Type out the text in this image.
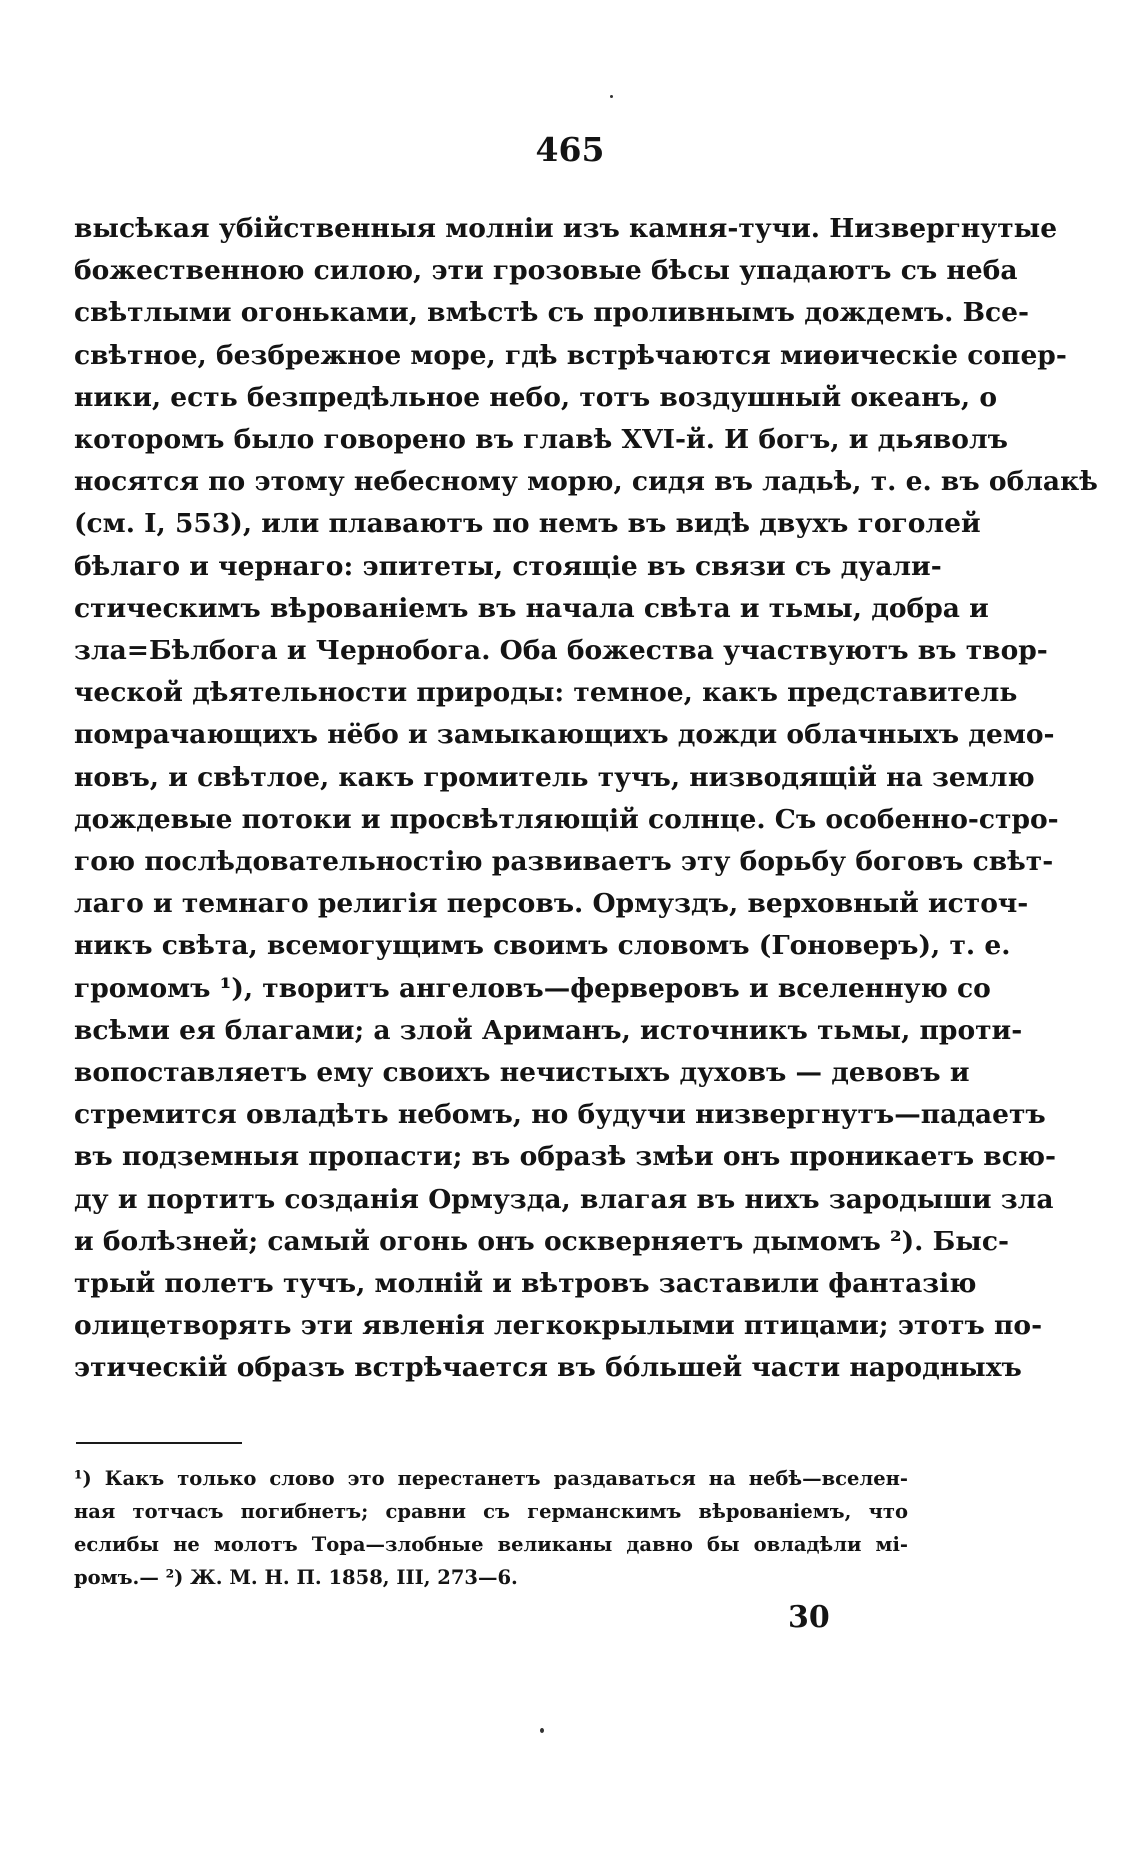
465
высѣкая убійственныя молніи изъ камня-тучи. Низвергнутые
божественною силою, эти грозовые бѣсы упадаютъ съ неба
свѣтлыми огоньками, вмѣстѣ съ проливнымъ дождемъ. Все-
свѣтное, безбрежное море, гдѣ встрѣчаются миѳическіе сопер-
ники, есть безпредѣльное небо, тотъ воздушный океанъ, о
которомъ было говорено въ главѣ XVI-й. И богъ, и дьяволъ
носятся по этому небесному морю, сидя въ ладьѣ, т. е. въ облакѣ
(см. I, 553), или плаваютъ по немъ въ видѣ двухъ гоголей
бѣлаго и чернаго: эпитеты, стоящіе въ связи съ дуали-
стическимъ вѣрованіемъ въ начала свѣта и тьмы, добра и
зла=Бѣлбога и Чернобога. Оба божества участвуютъ въ твор-
ческой дѣятельности природы: темное, какъ представитель
помрачающихъ нёбо и замыкающихъ дожди облачныхъ демо-
новъ, и свѣтлое, какъ громитель тучъ, низводящій на землю
дождевые потоки и просвѣтляющій солнце. Съ особенно-стро-
гою послѣдовательностію развиваетъ эту борьбу боговъ свѣт-
лаго и темнаго религія персовъ. Ормуздъ, верховный источ-
никъ свѣта, всемогущимъ своимъ словомъ (Гоноверъ), т. е.
громомъ ¹), творитъ ангеловъ—ферверовъ и вселенную со
всѣми ея благами; а злой Ариманъ, источникъ тьмы, проти-
вопоставляетъ ему своихъ нечистыхъ духовъ — девовъ и
стремится овладѣть небомъ, но будучи низвергнутъ—падаетъ
въ подземныя пропасти; въ образѣ змѣи онъ проникаетъ всю-
ду и портитъ созданія Ормузда, влагая въ нихъ зародыши зла
и болѣзней; самый огонь онъ оскверняетъ дымомъ ²). Быс-
трый полетъ тучъ, молній и вѣтровъ заставили фантазію
олицетворять эти явленія легкокрылыми птицами; этотъ по-
этическій образъ встрѣчается въ бóльшей части народныхъ
¹) Какъ только слово это перестанетъ раздаваться на небѣ—вселен-
ная тотчасъ погибнетъ; сравни съ германскимъ вѣрованіемъ, что
еслибы не молотъ Тора—злобные великаны давно бы овладѣли мі-
ромъ.— ²) Ж. М. Н. П. 1858, III, 273—6.
30
